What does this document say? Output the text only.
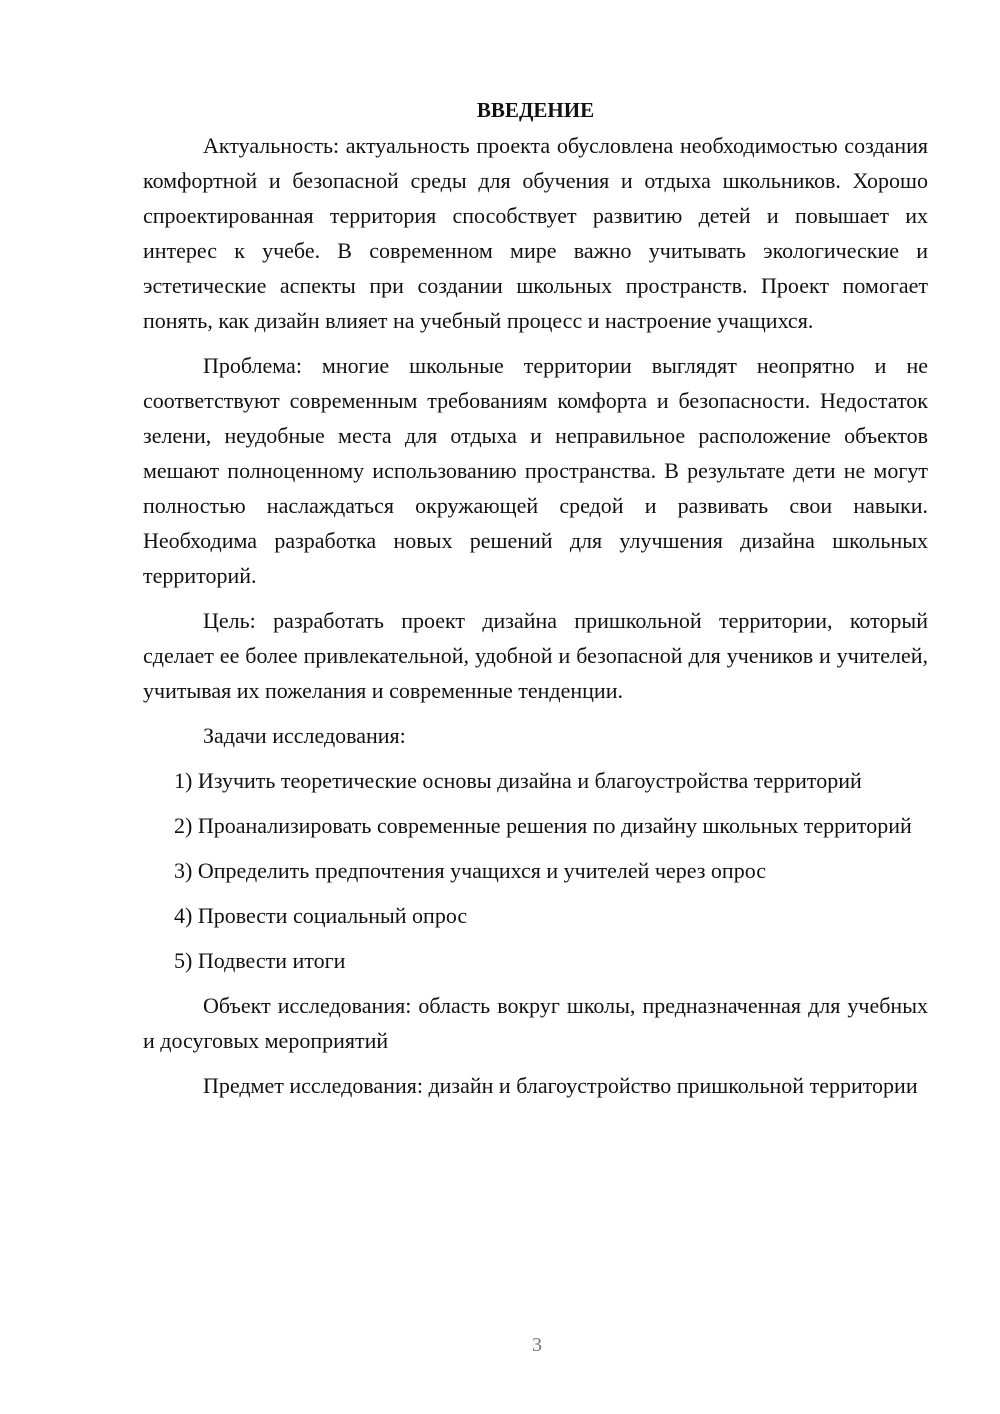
ВВЕДЕНИЕ

Актуальность: актуальность проекта обусловлена необходимостью создания комфортной и безопасной среды для обучения и отдыха школьников. Хорошо спроектированная территория способствует развитию детей и повышает их интерес к учебе. В современном мире важно учитывать экологические и эстетические аспекты при создании школьных пространств. Проект помогает понять, как дизайн влияет на учебный процесс и настроение учащихся.

Проблема: многие школьные территории выглядят неопрятно и не соответствуют современным требованиям комфорта и безопасности. Недостаток зелени, неудобные места для отдыха и неправильное расположение объектов мешают полноценному использованию пространства. В результате дети не могут полностью наслаждаться окружающей средой и развивать свои навыки. Необходима разработка новых решений для улучшения дизайна школьных территорий.

Цель: разработать проект дизайна пришкольной территории, который сделает ее более привлекательной, удобной и безопасной для учеников и учителей, учитывая их пожелания и современные тенденции.

Задачи исследования:

1) Изучить теоретические основы дизайна и благоустройства территорий

2) Проанализировать современные решения по дизайну школьных территорий

3) Определить предпочтения учащихся и учителей через опрос

4) Провести социальный опрос

5) Подвести итоги

Объект исследования: область вокруг школы, предназначенная для учебных и досуговых мероприятий

Предмет исследования: дизайн и благоустройство пришкольной территории

3
